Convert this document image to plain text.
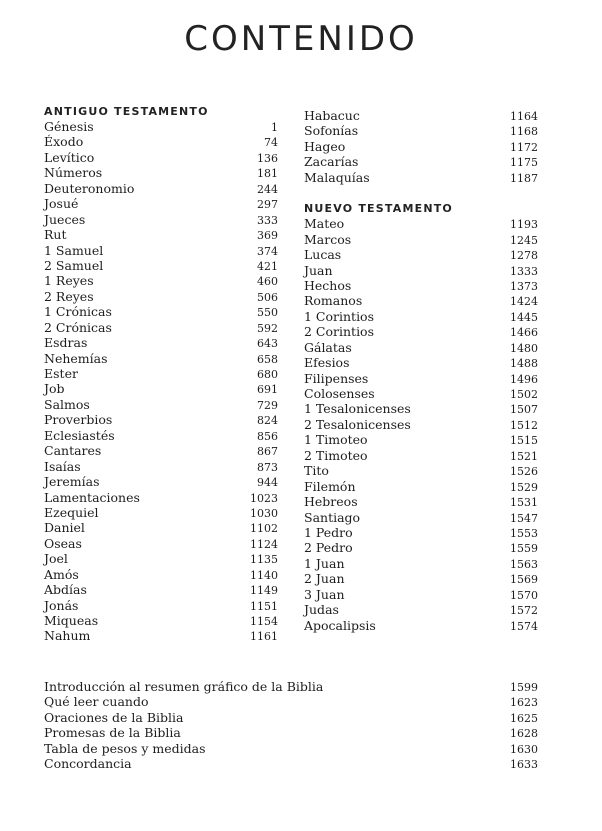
CONTENIDO
ANTIGUO TESTAMENTO
Génesis	1
Éxodo	74
Levítico	136
Números	181
Deuteronomio	244
Josué	297
Jueces	333
Rut	369
1 Samuel	374
2 Samuel	421
1 Reyes	460
2 Reyes	506
1 Crónicas	550
2 Crónicas	592
Esdras	643
Nehemías	658
Ester	680
Job	691
Salmos	729
Proverbios	824
Eclesiastés	856
Cantares	867
Isaías	873
Jeremías	944
Lamentaciones	1023
Ezequiel	1030
Daniel	1102
Oseas	1124
Joel	1135
Amós	1140
Abdías	1149
Jonás	1151
Miqueas	1154
Nahum	1161
Habacuc	1164
Sofonías	1168
Hageo	1172
Zacarías	1175
Malaquías	1187
NUEVO TESTAMENTO
Mateo	1193
Marcos	1245
Lucas	1278
Juan	1333
Hechos	1373
Romanos	1424
1 Corintios	1445
2 Corintios	1466
Gálatas	1480
Efesios	1488
Filipenses	1496
Colosenses	1502
1 Tesalonicenses	1507
2 Tesalonicenses	1512
1 Timoteo	1515
2 Timoteo	1521
Tito	1526
Filemón	1529
Hebreos	1531
Santiago	1547
1 Pedro	1553
2 Pedro	1559
1 Juan	1563
2 Juan	1569
3 Juan	1570
Judas	1572
Apocalipsis	1574
Introducción al resumen gráfico de la Biblia	1599
Qué leer cuando	1623
Oraciones de la Biblia	1625
Promesas de la Biblia	1628
Tabla de pesos y medidas	1630
Concordancia	1633
